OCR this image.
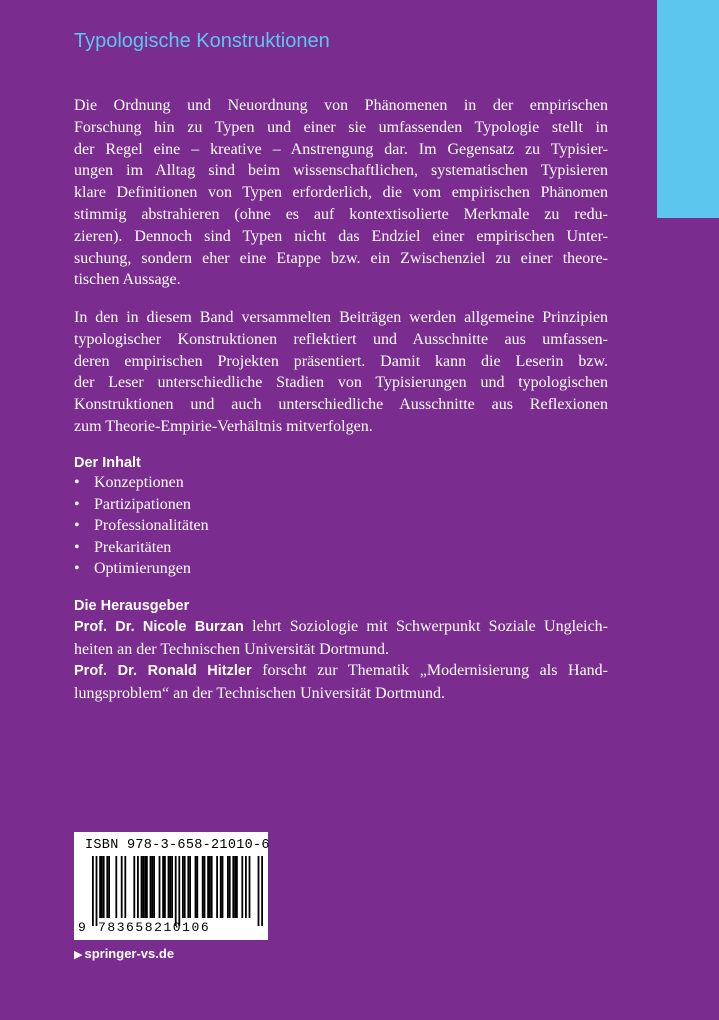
Typologische Konstruktionen
Die Ordnung und Neuordnung von Phänomenen in der empirischen
Forschung hin zu Typen und einer sie umfassenden Typologie stellt in
der Regel eine – kreative – Anstrengung dar. Im Gegensatz zu Typisier-
ungen im Alltag sind beim wissenschaftlichen, systematischen Typisieren
klare Definitionen von Typen erforderlich, die vom empirischen Phänomen
stimmig abstrahieren (ohne es auf kontextisolierte Merkmale zu redu-
zieren). Dennoch sind Typen nicht das Endziel einer empirischen Unter-
suchung, sondern eher eine Etappe bzw. ein Zwischenziel zu einer theore-
tischen Aussage.
In den in diesem Band versammelten Beiträgen werden allgemeine Prinzipien
typologischer Konstruktionen reflektiert und Ausschnitte aus umfassen-
deren empirischen Projekten präsentiert. Damit kann die Leserin bzw.
der Leser unterschiedliche Stadien von Typisierungen und typologischen
Konstruktionen und auch unterschiedliche Ausschnitte aus Reflexionen
zum Theorie-Empirie-Verhältnis mitverfolgen.
Der Inhalt
• Konzeptionen
• Partizipationen
• Professionalitäten
• Prekaritäten
• Optimierungen
Die Herausgeber
Prof. Dr. Nicole Burzan lehrt Soziologie mit Schwerpunkt Soziale Ungleich-
heiten an der Technischen Universität Dortmund.
Prof. Dr. Ronald Hitzler forscht zur Thematik „Modernisierung als Hand-
lungsproblem“ an der Technischen Universität Dortmund.
ISBN 978-3-658-21010-6
9 783658210106
▶ springer-vs.de
